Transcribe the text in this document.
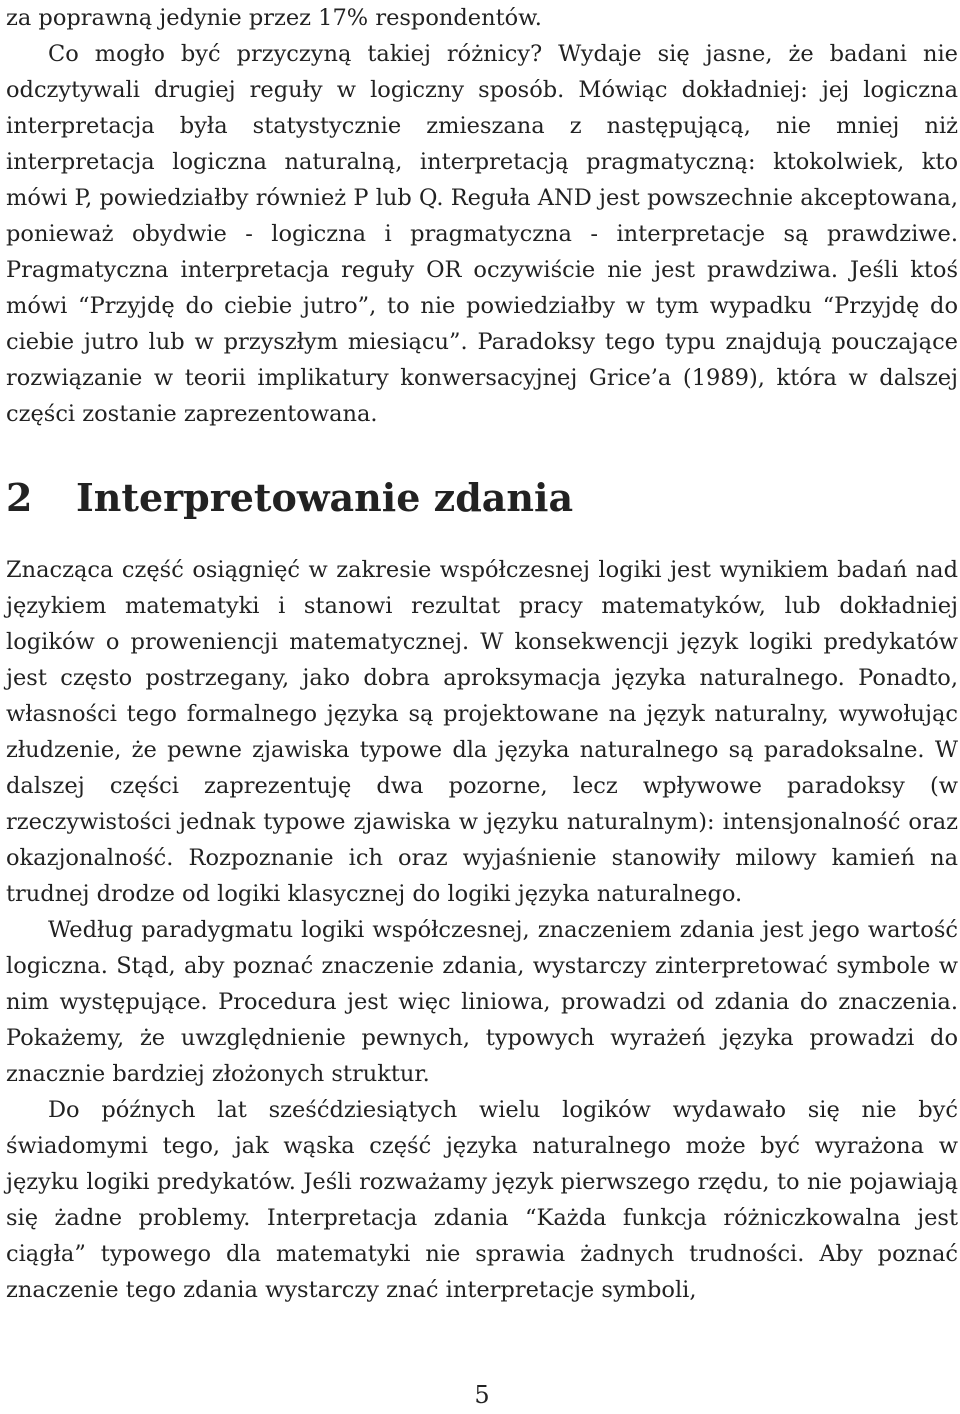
za poprawną jedynie przez 17% respondentów.

Co mogło być przyczyną takiej różnicy? Wydaje się jasne, że badani nie odczytywali drugiej reguły w logiczny sposób. Mówiąc dokładniej: jej logiczna interpretacja była statystycznie zmieszana z następującą, nie mniej niż interpretacja logiczna naturalną, interpretacją pragmatyczną: ktokolwiek, kto mówi P, powiedziałby również P lub Q. Reguła AND jest powszechnie akceptowana, ponieważ obydwie - logiczna i pragmatyczna - interpretacje są prawdziwe. Pragmatyczna interpretacja reguły OR oczywiście nie jest prawdziwa. Jeśli ktoś mówi “Przyjdę do ciebie jutro”, to nie powiedziałby w tym wypadku “Przyjdę do ciebie jutro lub w przyszłym miesiącu”. Paradoksy tego typu znajdują pouczające rozwiązanie w teorii implikatury konwersacyjnej Grice’a (1989), która w dalszej części zostanie zaprezentowana.

2 Interpretowanie zdania

Znacząca część osiągnięć w zakresie współczesnej logiki jest wynikiem badań nad językiem matematyki i stanowi rezultat pracy matematyków, lub dokładniej logików o proweniencji matematycznej. W konsekwencji język logiki predykatów jest często postrzegany, jako dobra aproksymacja języka naturalnego. Ponadto, własności tego formalnego języka są projektowane na język naturalny, wywołując złudzenie, że pewne zjawiska typowe dla języka naturalnego są paradoksalne. W dalszej części zaprezentuję dwa pozorne, lecz wpływowe paradoksy (w rzeczywistości jednak typowe zjawiska w języku naturalnym): intensjonalność oraz okazjonalność. Rozpoznanie ich oraz wyjaśnienie stanowiły milowy kamień na trudnej drodze od logiki klasycznej do logiki języka naturalnego.

Według paradygmatu logiki współczesnej, znaczeniem zdania jest jego wartość logiczna. Stąd, aby poznać znaczenie zdania, wystarczy zinterpretować symbole w nim występujące. Procedura jest więc liniowa, prowadzi od zdania do znaczenia. Pokażemy, że uwzględnienie pewnych, typowych wyrażeń języka prowadzi do znacznie bardziej złożonych struktur.

Do późnych lat sześćdziesiątych wielu logików wydawało się nie być świadomymi tego, jak wąska część języka naturalnego może być wyrażona w języku logiki predykatów. Jeśli rozważamy język pierwszego rzędu, to nie pojawiają się żadne problemy. Interpretacja zdania “Każda funkcja różniczkowalna jest ciągła” typowego dla matematyki nie sprawia żadnych trudności. Aby poznać znaczenie tego zdania wystarczy znać interpretacje symboli,

5
